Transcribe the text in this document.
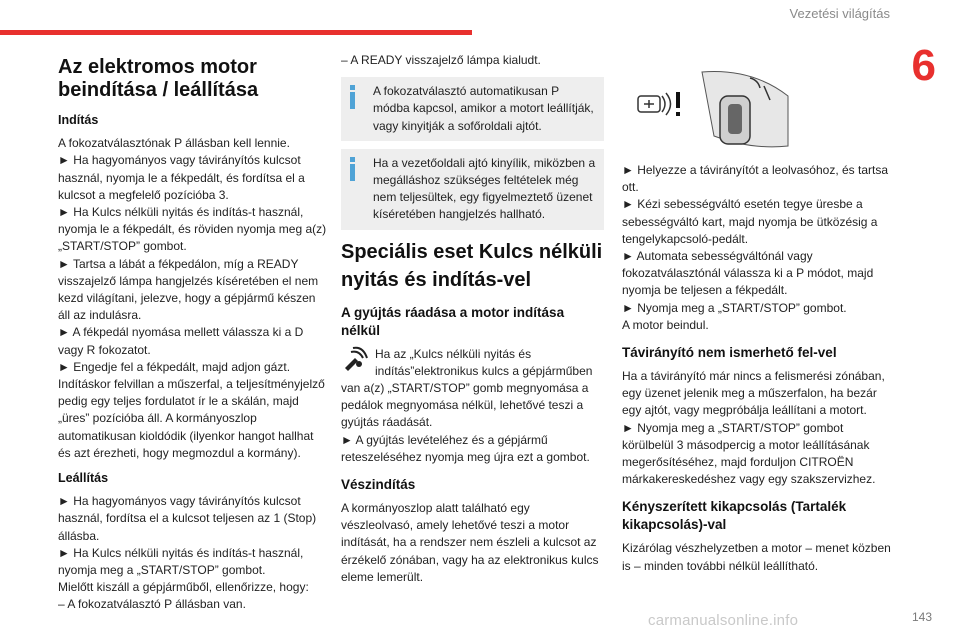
Vezetési világítás
6
Az elektromos motor beindítása / leállítása
Indítás

A fokozatválasztónak P állásban kell lennie.

► Ha hagyományos vagy távirányítós kulcsot használ, nyomja le a fékpedált, és fordítsa el a kulcsot a megfelelő pozícióba 3.

► Ha Kulcs nélküli nyitás és indítás-t használ, nyomja le a fékpedált, és röviden nyomja meg a(z) „START/STOP” gombot.

► Tartsa a lábát a fékpedálon, míg a READY visszajelző lámpa hangjelzés kíséretében el nem kezd világítani, jelezve, hogy a gépjármű készen áll az indulásra.

► A fékpedál nyomása mellett válassza ki a D vagy R fokozatot.

► Engedje fel a fékpedált, majd adjon gázt.

Indításkor felvillan a műszerfal, a teljesítményjelző pedig egy teljes fordulatot ír le a skálán, majd „üres” pozícióba áll. A kormányoszlop automatikusan kioldódik (ilyenkor hangot hallhat és azt érezheti, hogy megmozdul a kormány).

Leállítás

► Ha hagyományos vagy távirányítós kulcsot használ, fordítsa el a kulcsot teljesen az 1 (Stop) állásba.

► Ha Kulcs nélküli nyitás és indítás-t használ, nyomja meg a „START/STOP” gombot.

Mielőtt kiszáll a gépjárműből, ellenőrizze, hogy:

– A fokozatválasztó P állásban van.

– A READY visszajelző lámpa kialudt.

A fokozatválasztó automatikusan P módba kapcsol, amikor a motort leállítják, vagy kinyitják a sofőroldali ajtót.

Ha a vezetőoldali ajtó kinyílik, miközben a megálláshoz szükséges feltételek még nem teljesültek, egy figyelmeztető üzenet kíséretében hangjelzés hallható.

Speciális eset Kulcs nélküli nyitás és indítás-vel
A gyújtás ráadása a motor indítása nélkül

Ha az „Kulcs nélküli nyitás és indítás”elektronikus kulcs a gépjárműben van a(z) „START/STOP” gomb megnyomása a pedálok megnyomása nélkül, lehetővé teszi a gyújtás ráadását.

► A gyújtás levételéhez és a gépjármű reteszeléséhez nyomja meg újra ezt a gombot.

Vészindítás

A kormányoszlop alatt található egy vészleolvasó, amely lehetővé teszi a motor indítását, ha a rendszer nem észleli a kulcsot az érzékelő zónában, vagy ha az elektronikus kulcs eleme lemerült.

► Helyezze a távirányítót a leolvasóhoz, és tartsa ott.

► Kézi sebességváltó esetén tegye üresbe a sebességváltó kart, majd nyomja be ütközésig a tengelykapcsoló-pedált.

► Automata sebességváltónál vagy fokozatválasztónál válassza ki a P módot, majd nyomja be teljesen a fékpedált.

► Nyomja meg a „START/STOP” gombot.

A motor beindul.

Távirányító nem ismerhető fel-vel

Ha a távirányító már nincs a felismerési zónában, egy üzenet jelenik meg a műszerfalon, ha bezár egy ajtót, vagy megpróbálja leállítani a motort.

► Nyomja meg a „START/STOP” gombot körülbelül 3 másodpercig a motor leállításának megerősítéséhez, majd forduljon CITROËN márkakereskedéshez vagy egy szakszervizhez.

Kényszerített kikapcsolás (Tartalék kikapcsolás)-val

Kizárólag vészhelyzetben a motor – menet közben is – minden további nélkül leállítható.

carmanualsonline.info	143
